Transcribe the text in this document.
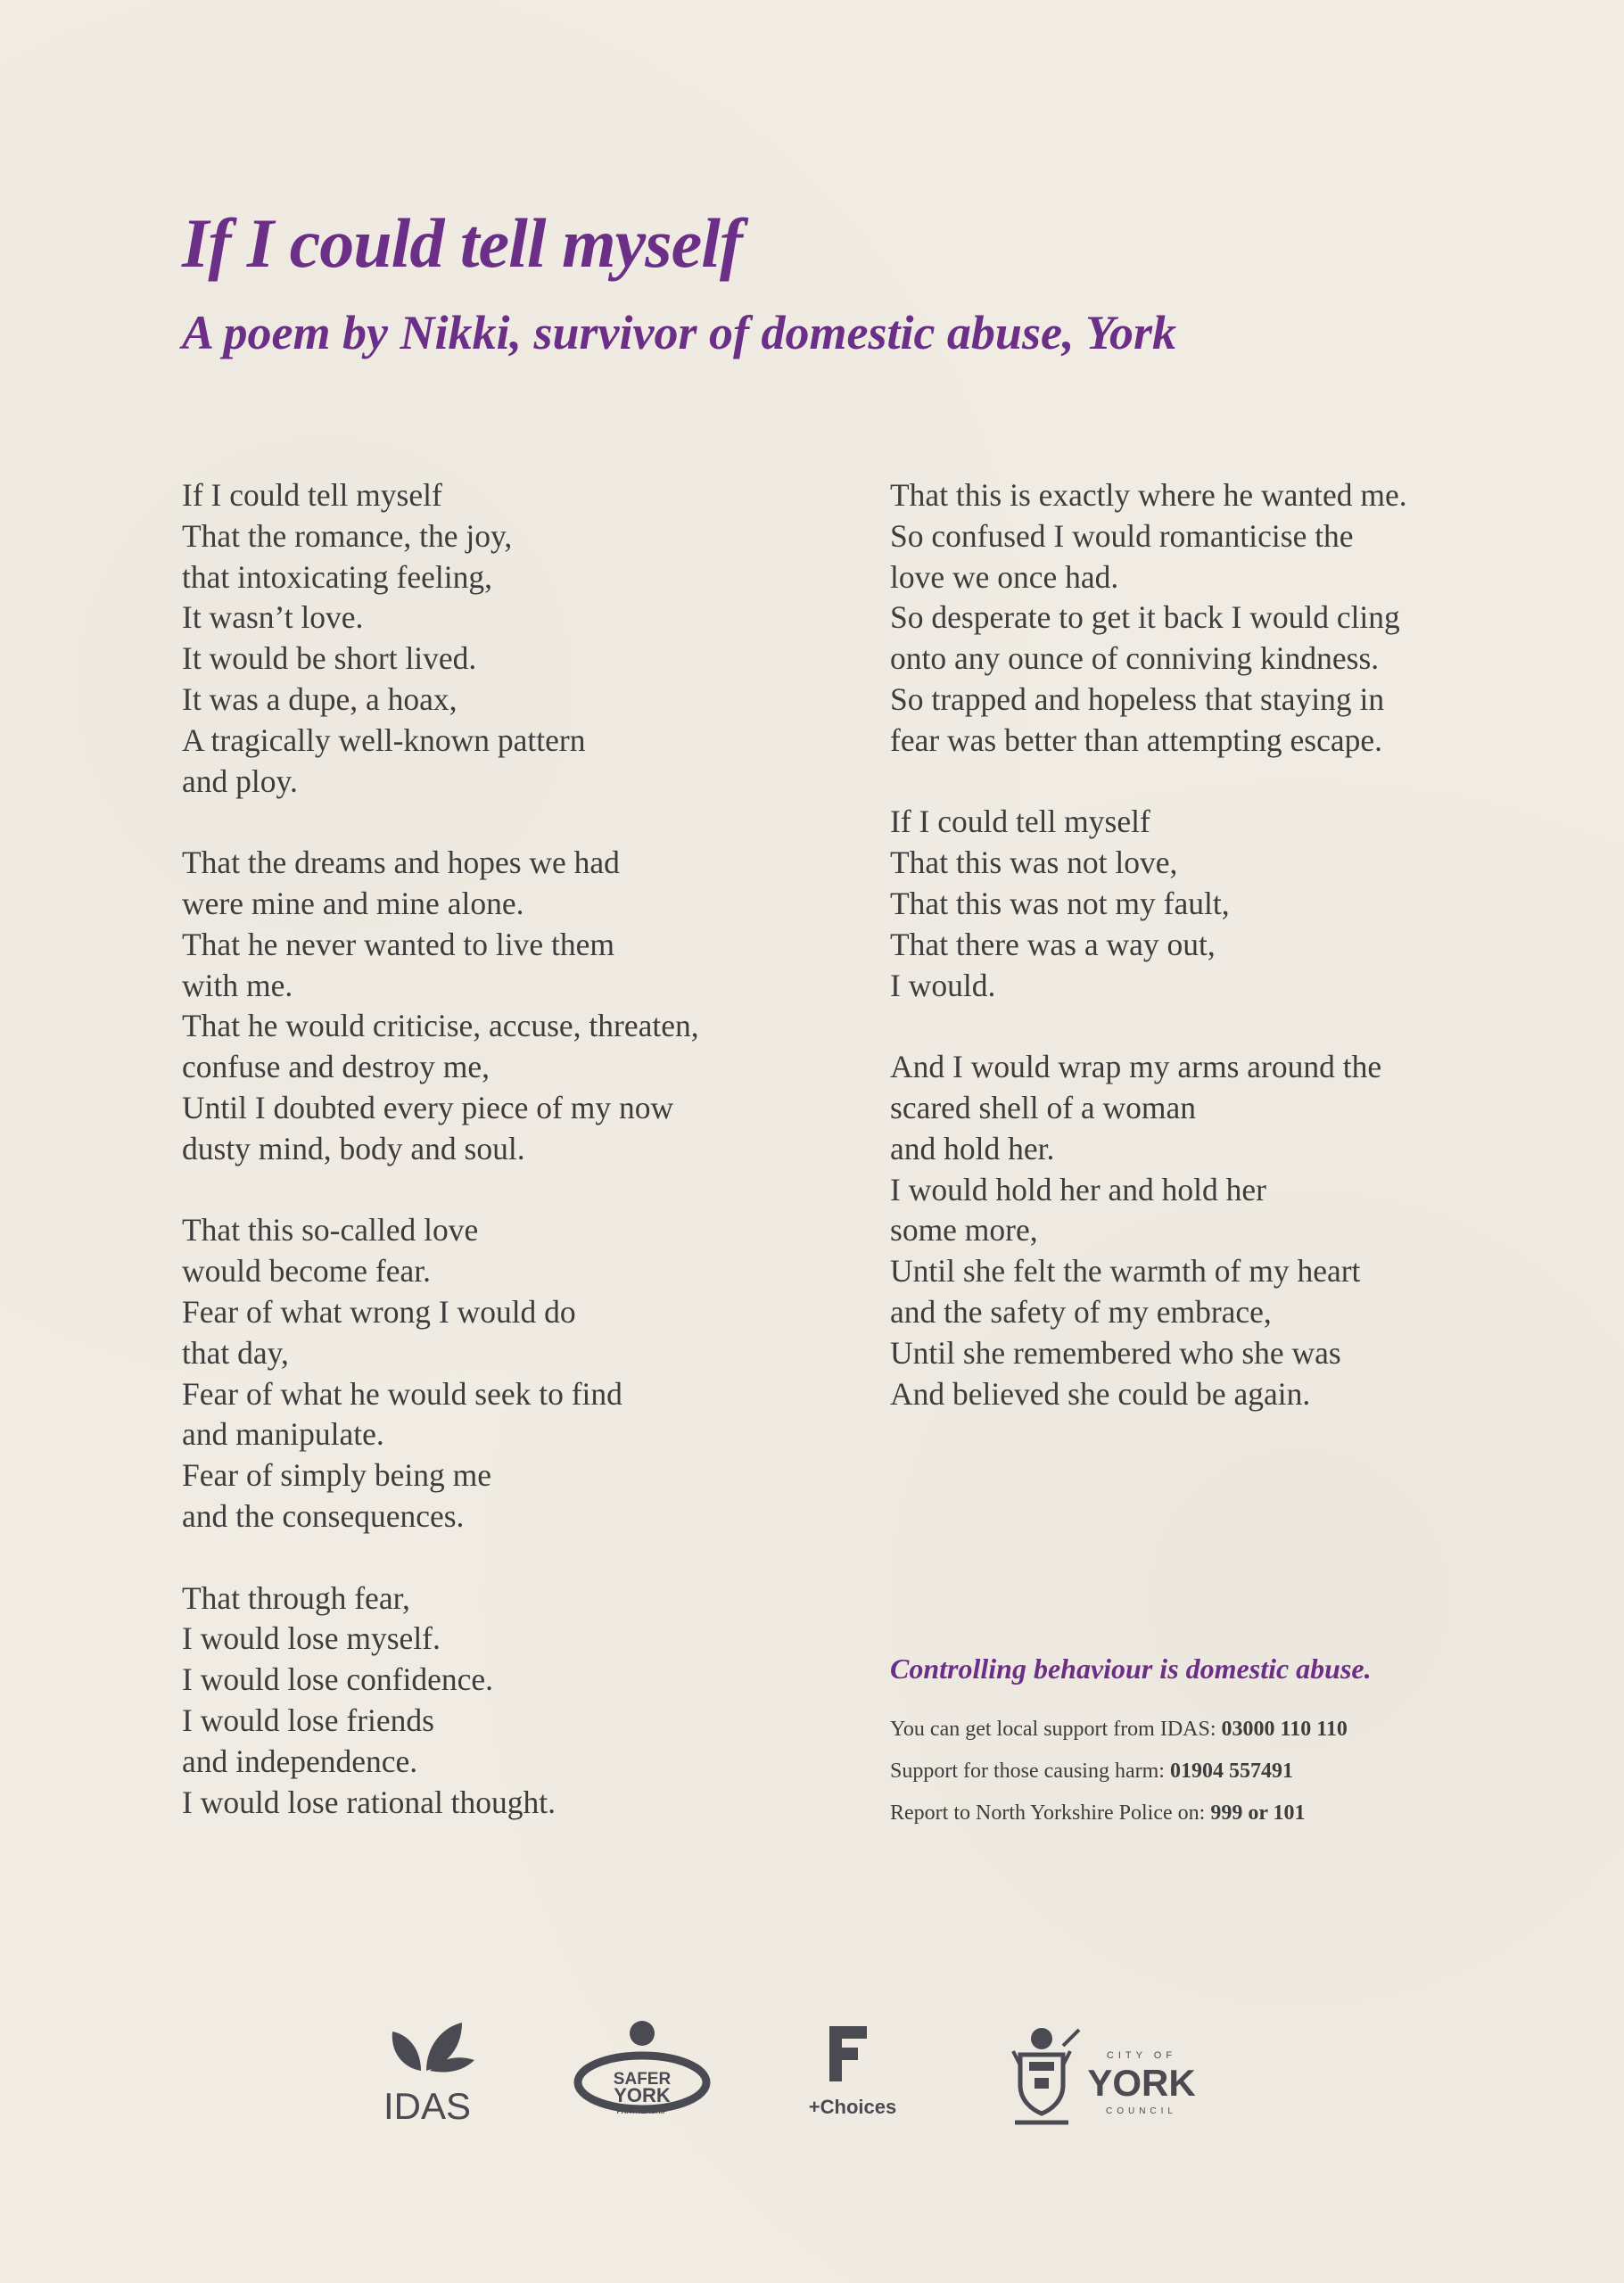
If I could tell myself
A poem by Nikki, survivor of domestic abuse, York
If I could tell myself
That the romance, the joy,
that intoxicating feeling,
It wasn’t love.
It would be short lived.
It was a dupe, a hoax,
A tragically well-known pattern
and ploy.
That the dreams and hopes we had
were mine and mine alone.
That he never wanted to live them
with me.
That he would criticise, accuse, threaten,
confuse and destroy me,
Until I doubted every piece of my now
dusty mind, body and soul.
That this so-called love
would become fear.
Fear of what wrong I would do
that day,
Fear of what he would seek to find
and manipulate.
Fear of simply being me
and the consequences.
That through fear,
I would lose myself.
I would lose confidence.
I would lose friends
and independence.
I would lose rational thought.
That this is exactly where he wanted me.
So confused I would romanticise the
love we once had.
So desperate to get it back I would cling
onto any ounce of conniving kindness.
So trapped and hopeless that staying in
fear was better than attempting escape.
If I could tell myself
That this was not love,
That this was not my fault,
That there was a way out,
I would.
And I would wrap my arms around the
scared shell of a woman
and hold her.
I would hold her and hold her
some more,
Until she felt the warmth of my heart
and the safety of my embrace,
Until she remembered who she was
And believed she could be again.
Controlling behaviour is domestic abuse.
You can get local support from IDAS: 03000 110 110
Support for those causing harm: 01904 557491
Report to North Yorkshire Police on: 999 or 101
IDAS
SAFER
YORK
PARTNERSHIP	+Choices
CITY OF
YORK
COUNCIL
